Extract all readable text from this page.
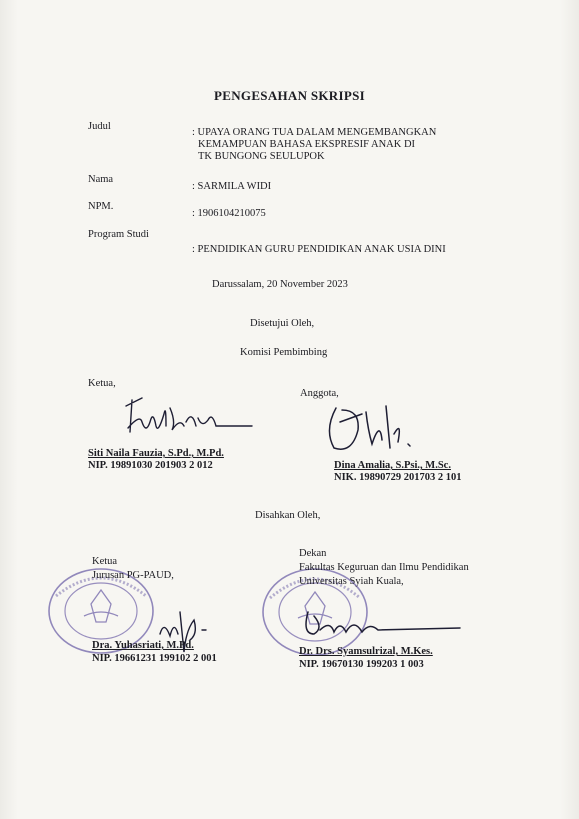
PENGESAHAN SKRIPSI
Judul
: UPAYA ORANG TUA DALAM MENGEMBANGKAN
KEMAMPUAN BAHASA EKSPRESIF ANAK DI
TK BUNGONG SEULUPOK
Nama
: SARMILA WIDI
NPM.
: 1906104210075
Program Studi
: PENDIDIKAN GURU PENDIDIKAN ANAK USIA DINI
Darussalam, 20 November 2023
Disetujui Oleh,
Komisi Pembimbing
Ketua,
Siti Naila Fauzia, S.Pd., M.Pd.
NIP. 19891030 201903 2 012
Anggota,
Dina Amalia, S.Psi., M.Sc.
NIK. 19890729 201703 2 101
Disahkan Oleh,
Ketua
Jurusan PG-PAUD,
Dra. Yuhasriati, M.Pd.
NIP. 19661231 199102 2 001
Dekan
Fakultas Keguruan dan Ilmu Pendidikan
Universitas Syiah Kuala,
Dr. Drs. Syamsulrizal, M.Kes.
NIP. 19670130 199203 1 003
